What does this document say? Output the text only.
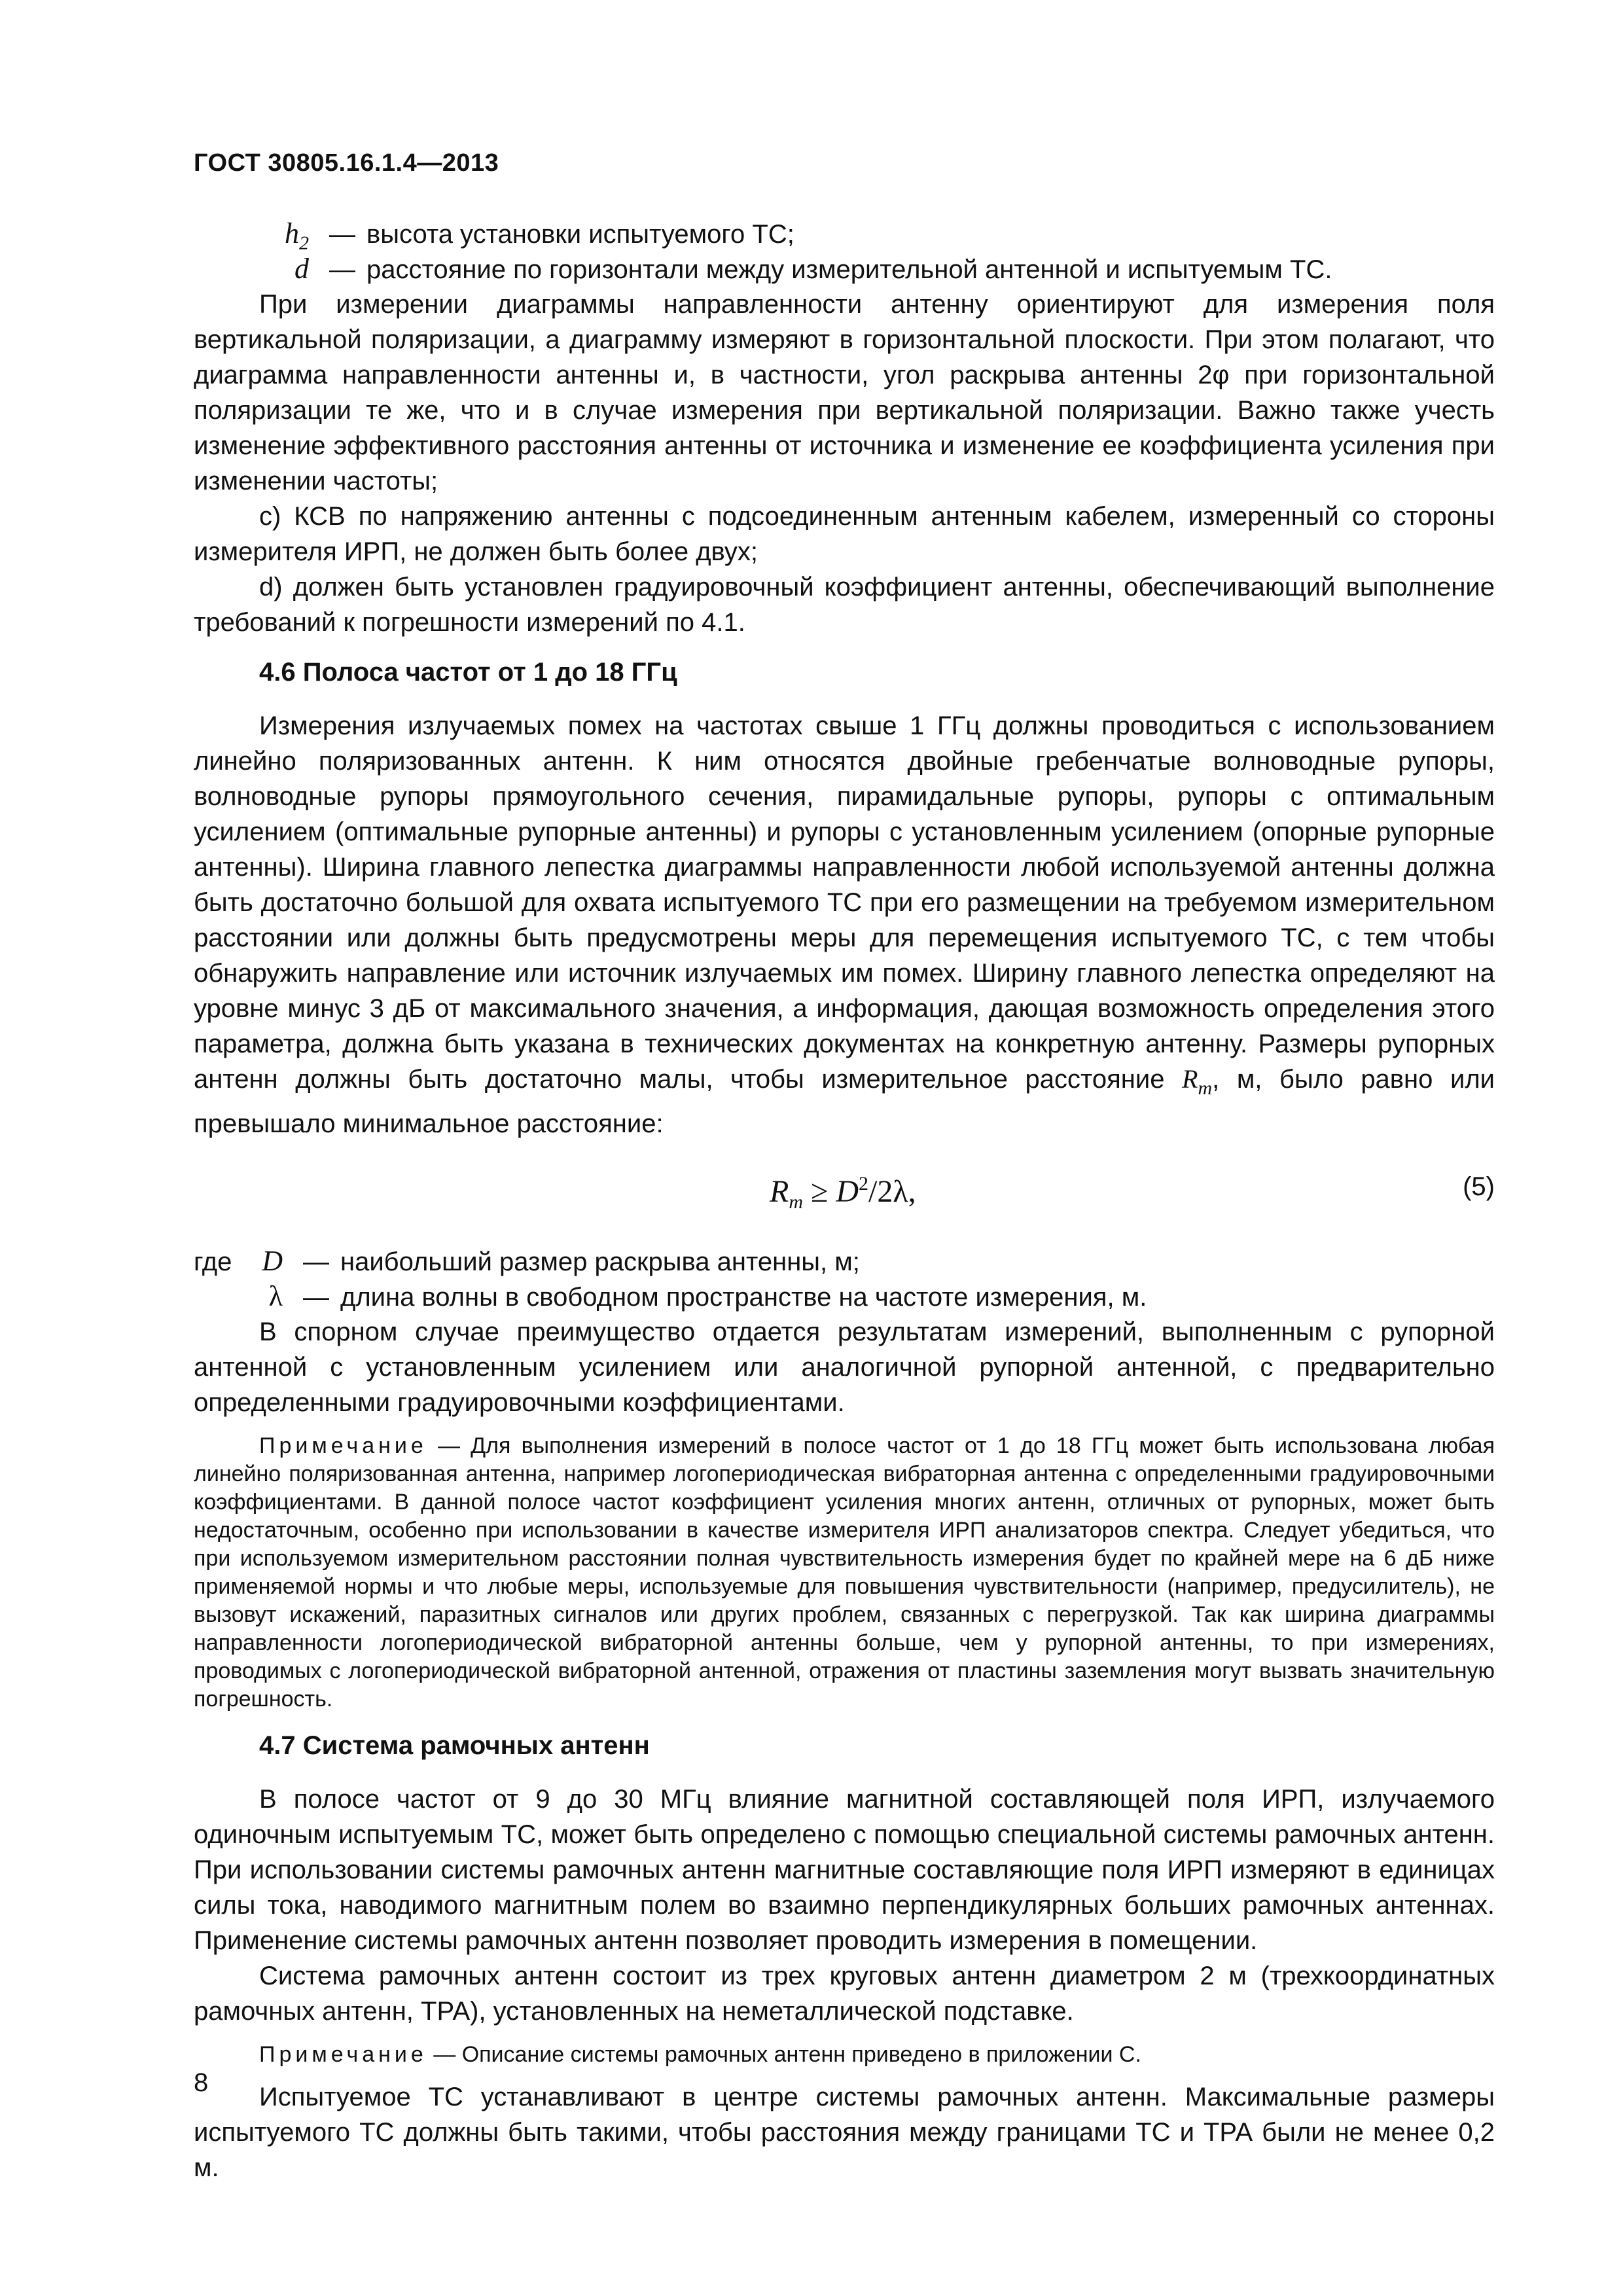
ГОСТ 30805.16.1.4—2013
$h_2$ — высота установки испытуемого ТС;
d — расстояние по горизонтали между измерительной антенной и испытуемым ТС.

При измерении диаграммы направленности антенну ориентируют для измерения поля вертикальной поляризации, а диаграмму измеряют в горизонтальной плоскости. При этом полагают, что диаграмма направленности антенны и, в частности, угол раскрыва антенны 2φ при горизонтальной поляризации те же, что и в случае измерения при вертикальной поляризации. Важно также учесть изменение эффективного расстояния антенны от источника и изменение ее коэффициента усиления при изменении частоты;

c) КСВ по напряжению антенны с подсоединенным антенным кабелем, измеренный со стороны измерителя ИРП, не должен быть более двух;

d) должен быть установлен градуировочный коэффициент антенны, обеспечивающий выполнение требований к погрешности измерений по 4.1.

4.6 Полоса частот от 1 до 18 ГГц

Измерения излучаемых помех на частотах свыше 1 ГГц должны проводиться с использованием линейно поляризованных антенн. К ним относятся двойные гребенчатые волноводные рупоры, волноводные рупоры прямоугольного сечения, пирамидальные рупоры, рупоры с оптимальным усилением (оптимальные рупорные антенны) и рупоры с установленным усилением (опорные рупорные антенны). Ширина главного лепестка диаграммы направленности любой используемой антенны должна быть достаточно большой для охвата испытуемого ТС при его размещении на требуемом измерительном расстоянии или должны быть предусмотрены меры для перемещения испытуемого ТС, с тем чтобы обнаружить направление или источник излучаемых им помех. Ширину главного лепестка определяют на уровне минус 3 дБ от максимального значения, а информация, дающая возможность определения этого параметра, должна быть указана в технических документах на конкретную антенну. Размеры рупорных антенн должны быть достаточно малы, чтобы измерительное расстояние $R_m$, м, было равно или превышало минимальное расстояние:

$R_m \ge D^2/2\lambda$,	(5)
где	D — наибольший размер раскрыва антенны, м;
λ — длина волны в свободном пространстве на частоте измерения, м.

В спорном случае преимущество отдается результатам измерений, выполненным с рупорной антенной с установленным усилением или аналогичной рупорной антенной, с предварительно определенными градуировочными коэффициентами.

Примечание — Для выполнения измерений в полосе частот от 1 до 18 ГГц может быть использована любая линейно поляризованная антенна, например логопериодическая вибраторная антенна с определенными градуировочными коэффициентами. В данной полосе частот коэффициент усиления многих антенн, отличных от рупорных, может быть недостаточным, особенно при использовании в качестве измерителя ИРП анализаторов спектра. Следует убедиться, что при используемом измерительном расстоянии полная чувствительность измерения будет по крайней мере на 6 дБ ниже применяемой нормы и что любые меры, используемые для повышения чувствительности (например, предусилитель), не вызовут искажений, паразитных сигналов или других проблем, связанных с перегрузкой. Так как ширина диаграммы направленности логопериодической вибраторной антенны больше, чем у рупорной антенны, то при измерениях, проводимых с логопериодической вибраторной антенной, отражения от пластины заземления могут вызвать значительную погрешность.

4.7 Система рамочных антенн

В полосе частот от 9 до 30 МГц влияние магнитной составляющей поля ИРП, излучаемого одиночным испытуемым ТС, может быть определено с помощью специальной системы рамочных антенн. При использовании системы рамочных антенн магнитные составляющие поля ИРП измеряют в единицах силы тока, наводимого магнитным полем во взаимно перпендикулярных больших рамочных антеннах. Применение системы рамочных антенн позволяет проводить измерения в помещении.

Система рамочных антенн состоит из трех круговых антенн диаметром 2 м (трехкоординатных рамочных антенн, ТРА), установленных на неметаллической подставке.

Примечание — Описание системы рамочных антенн приведено в приложении С.

Испытуемое ТС устанавливают в центре системы рамочных антенн. Максимальные размеры испытуемого ТС должны быть такими, чтобы расстояния между границами ТС и ТРА были не менее 0,2 м.

8
